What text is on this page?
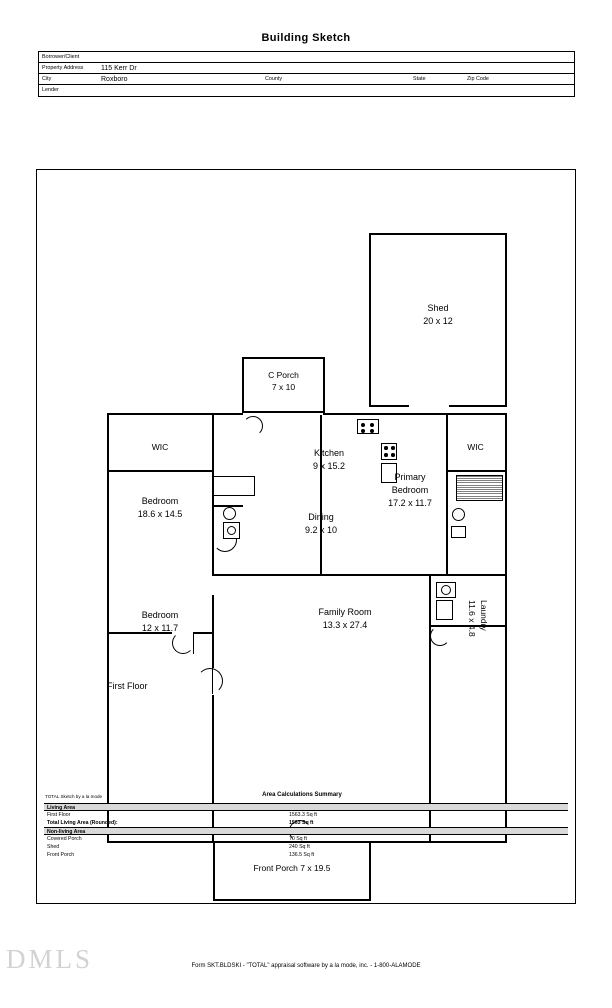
Building Sketch
Borrower/Client
Property Address	115 Kerr Dr
City	Roxboro	County	State	Zip Code
Lender
Shed
20 x 12
C Porch
7 x 10
Front Porch 7 x 19.5
WIC	WIC
Kitchen
9 x 15.2
Bedroom
18.6 x 14.5
Primary
Bedroom
17.2 x 11.7
Dining
9.2 x 10
Bedroom
12 x 11.7
Family Room
13.3 x 27.4	Laundry
11.6 x 4.8
First Floor
TOTAL Sketch by a la mode	Area Calculations Summary
Living Area
First Floor	1563.3 Sq ft
Total Living Area (Rounded):	1563 Sq ft
Non-living Area
Covered Porch	70 Sq ft
Shed	240 Sq ft
Front Porch	136.5 Sq ft
DMLS	Form SKT.BLDSKI - "TOTAL" appraisal software by a la mode, inc. - 1-800-ALAMODE
